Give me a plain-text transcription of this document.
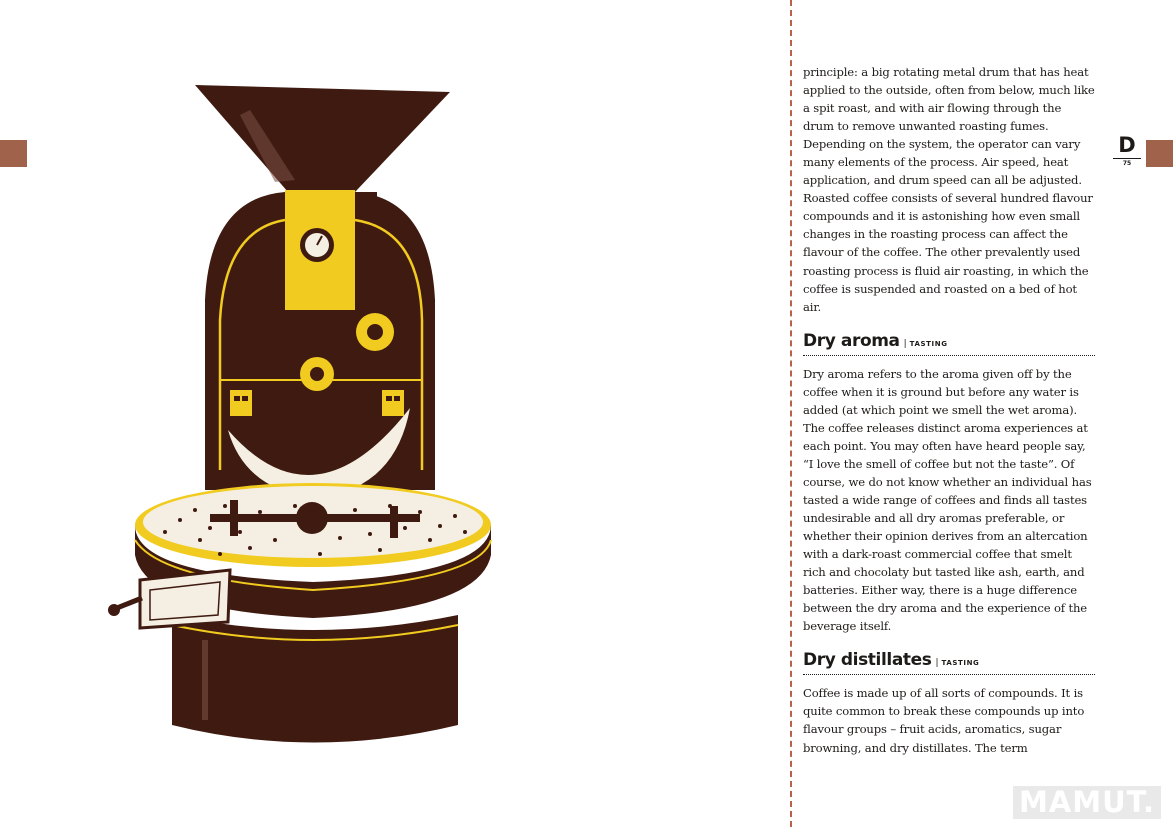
D
75

principle: a big rotating metal drum that has heat applied to the outside, often from below, much like a spit roast, and with air flowing through the drum to remove unwanted roasting fumes. Depending on the system, the operator can vary many elements of the process. Air speed, heat application, and drum speed can all be adjusted. Roasted coffee consists of several hundred flavour compounds and it is astonishing how even small changes in the roasting process can affect the flavour of the coffee. The other prevalently used roasting process is fluid air roasting, in which the coffee is suspended and roasted on a bed of hot air.

Dry aroma | TASTING

Dry aroma refers to the aroma given off by the coffee when it is ground but before any water is added (at which point we smell the wet aroma). The coffee releases distinct aroma experiences at each point. You may often have heard people say, “I love the smell of coffee but not the taste”. Of course, we do not know whether an individual has tasted a wide range of coffees and finds all tastes undesirable and all dry aromas preferable, or whether their opinion derives from an altercation with a dark-roast commercial coffee that smelt rich and chocolaty but tasted like ash, earth, and batteries. Either way, there is a huge difference between the dry aroma and the experience of the beverage itself.

Dry distillates | TASTING

Coffee is made up of all sorts of compounds. It is quite common to break these compounds up into flavour groups – fruit acids, aromatics, sugar browning, and dry distillates. The term

MAMUT.
